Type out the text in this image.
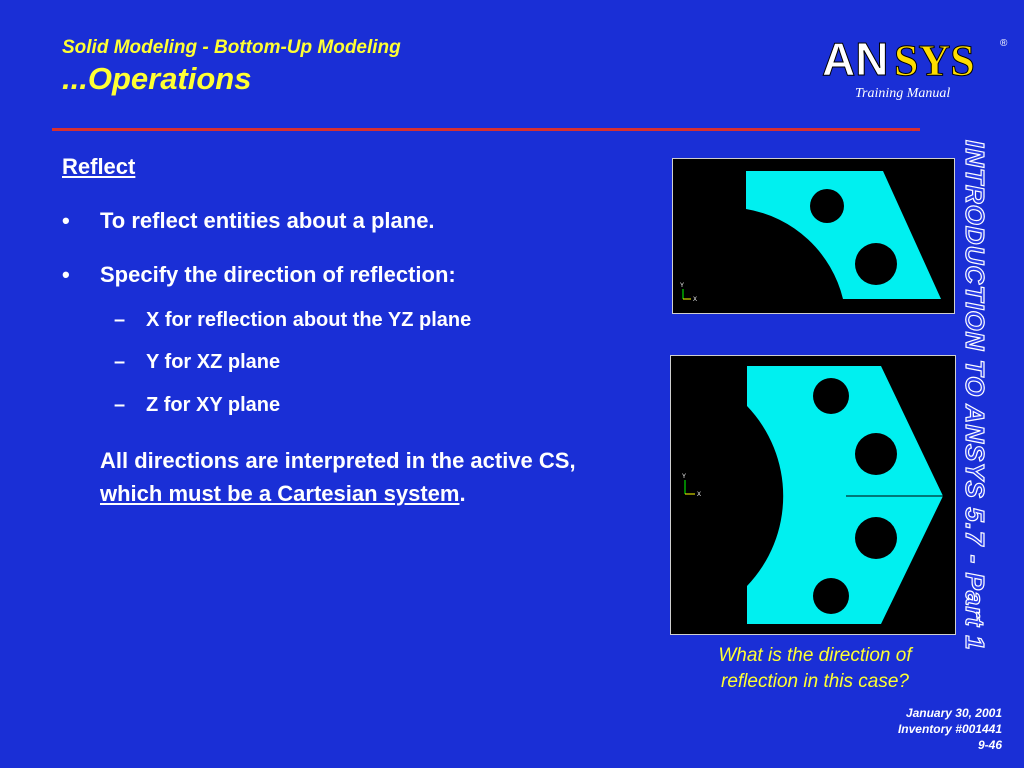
Solid Modeling - Bottom-Up Modeling
...Operations	AN SYS	®
Training Manual
INTRODUCTION TO ANSYS 5.7 - Part 1
Reflect
• To reflect entities about a plane.
• Specify the direction of reflection:
– X for reflection about the YZ plane
– Y for XZ plane
– Z for XY plane
All directions are interpreted in the active CS, which must be a Cartesian system.
Y
X
Y
X
What is the direction of reflection in this case?
January 30, 2001
Inventory #001441
9-46
